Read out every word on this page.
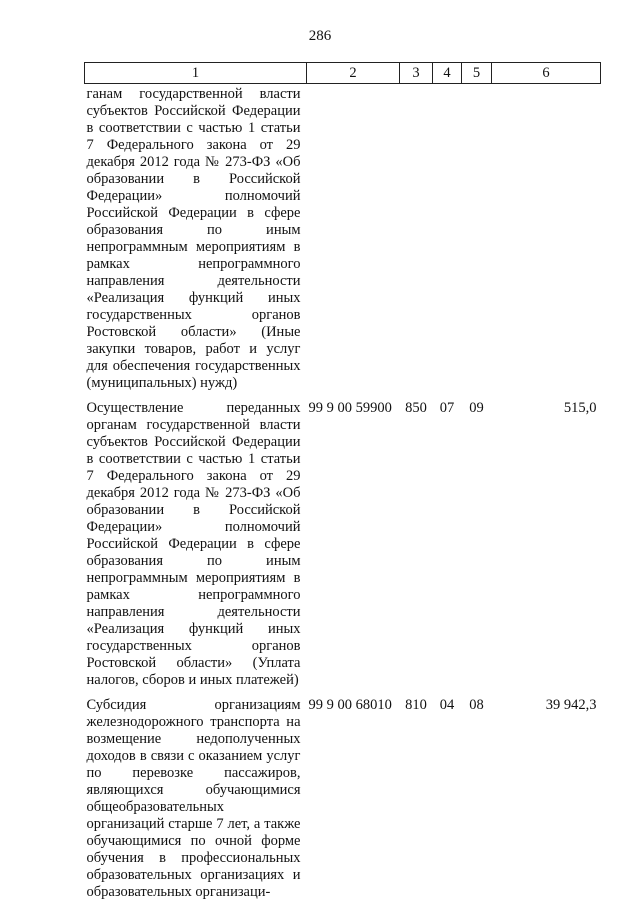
286
1	2	3	4	5	6
ганам государственной власти субъектов Российской Федерации в соответствии с частью 1 статьи 7 Федерального закона от 29 декабря 2012 года № 273-ФЗ «Об образовании в Российской Федерации» полномочий Российской Федерации в сфере образования по иным непрограммным мероприятиям в рамках непрограммного направления деятельности «Реализация функций иных государственных органов Ростовской области» (Иные закупки товаров, работ и услуг для обеспечения государственных (муниципальных) нужд)					
Осуществление переданных органам государственной власти субъектов Российской Федерации в соответствии с частью 1 статьи 7 Федерального закона от 29 декабря 2012 года № 273-ФЗ «Об образовании в Российской Федерации» полномочий Российской Федерации в сфере образования по иным непрограммным мероприятиям в рамках непрограммного направления деятельности «Реализация функций иных государственных органов Ростовской области» (Уплата налогов, сборов и иных платежей)	99 9 00 59900	850	07	09	515,0
Субсидия организациям железнодорожного транспорта на возмещение недополученных доходов в связи с оказанием услуг по перевозке пассажиров, являющихся обучающимися общеобразовательных организаций старше 7 лет, а также обучающимися по очной форме обучения в профессиональных образовательных организациях и образовательных организаци-	99 9 00 68010	810	04	08	39 942,3
